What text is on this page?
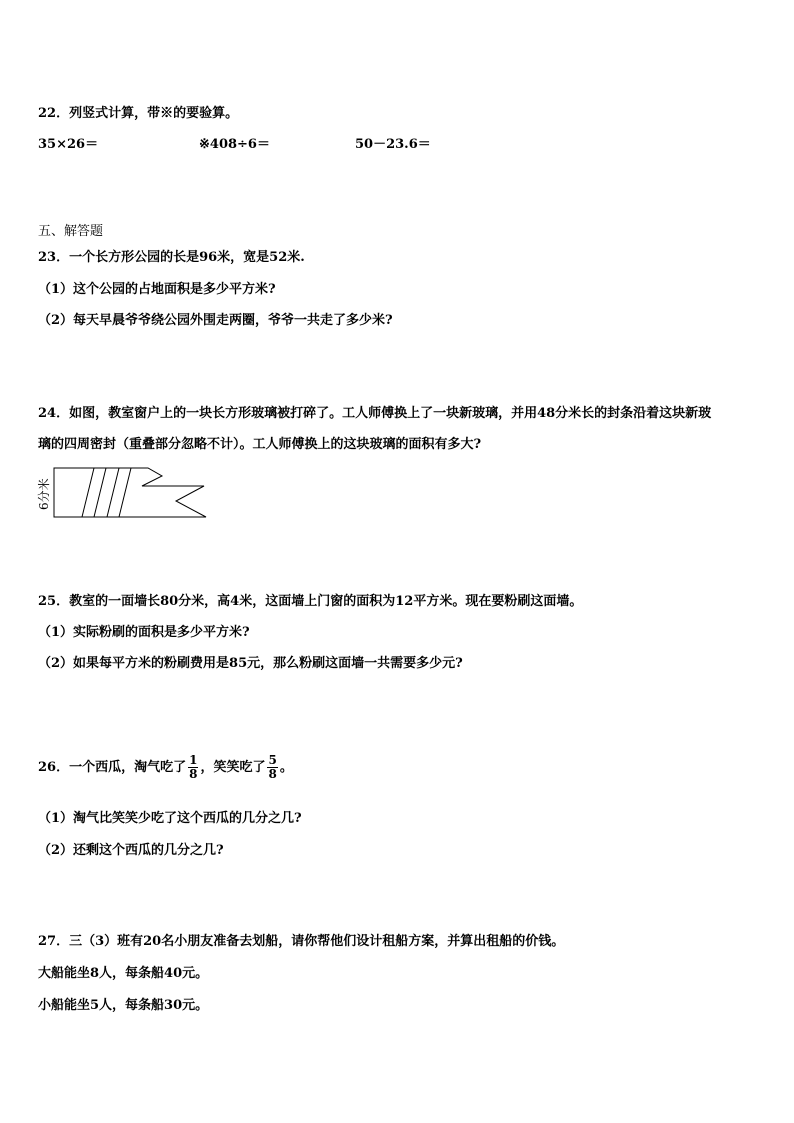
22．列竖式计算，带※的要验算。
35×26＝	※408÷6＝	50－23.6＝
五、解答题
23．一个长方形公园的长是96米，宽是52米.
（1）这个公园的占地面积是多少平方米?
（2）每天早晨爷爷绕公园外围走两圈，爷爷一共走了多少米?
24．如图，教室窗户上的一块长方形玻璃被打碎了。工人师傅换上了一块新玻璃，并用48分米长的封条沿着这块新玻
璃的四周密封（重叠部分忽略不计）。工人师傅换上的这块玻璃的面积有多大?
6分米
25．教室的一面墙长80分米，高4米，这面墙上门窗的面积为12平方米。现在要粉刷这面墙。
（1）实际粉刷的面积是多少平方米?
（2）如果每平方米的粉刷费用是85元，那么粉刷这面墙一共需要多少元?
26．一个西瓜，淘气吃了 $\frac{1}{8}$ ，笑笑吃了 $\frac{5}{8}$ 。
（1）淘气比笑笑少吃了这个西瓜的几分之几?
（2）还剩这个西瓜的几分之几?
27．三（3）班有20名小朋友准备去划船，请你帮他们设计租船方案，并算出租船的价钱。
大船能坐8人，每条船40元。
小船能坐5人，每条船30元。
